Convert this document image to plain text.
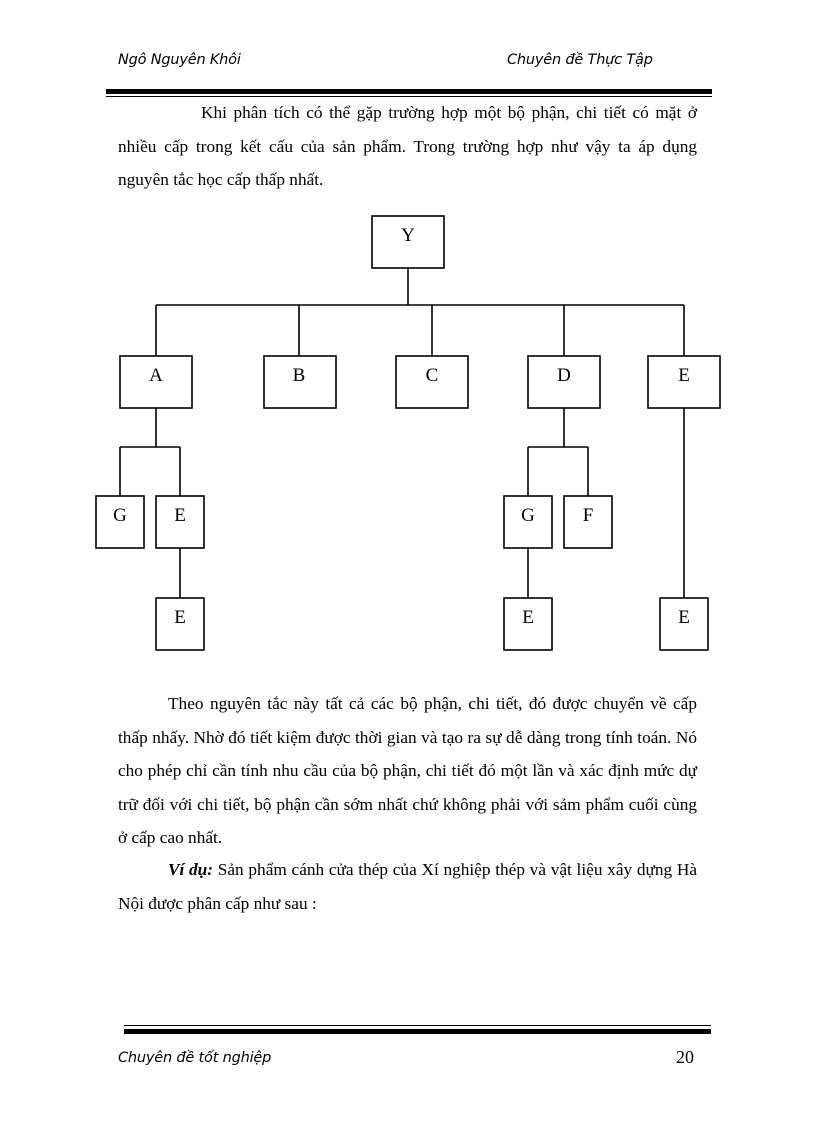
Ngô Nguyên Khôi	Chuyên đề Thực Tập

Khi phân tích có thể gặp trường hợp một bộ phận, chi tiết có mặt ở nhiều cấp trong kết cấu của sản phẩm. Trong trường hợp như vậy ta áp dụng nguyên tắc học cấp thấp nhất.

Y
A	B	C	D	E
G E
E
G	F
E	E

Theo nguyên tắc này tất cả các bộ phận, chi tiết, đó được chuyển về cấp thấp nhấy. Nhờ đó tiết kiệm được thời gian và tạo ra sự dễ dàng trong tính toán. Nó cho phép chỉ cần tính nhu cầu của bộ phận, chi tiết đó một lần và xác định mức dự trữ đối với chi tiết, bộ phận cần sớm nhất chứ không phải với sảm phẩm cuối cùng ở cấp cao nhất.

Ví dụ: Sản phẩm cánh cửa thép của Xí nghiệp thép và vật liệu xây dựng Hà Nội được phân cấp như sau :

Chuyên đề tốt nghiệp	20
